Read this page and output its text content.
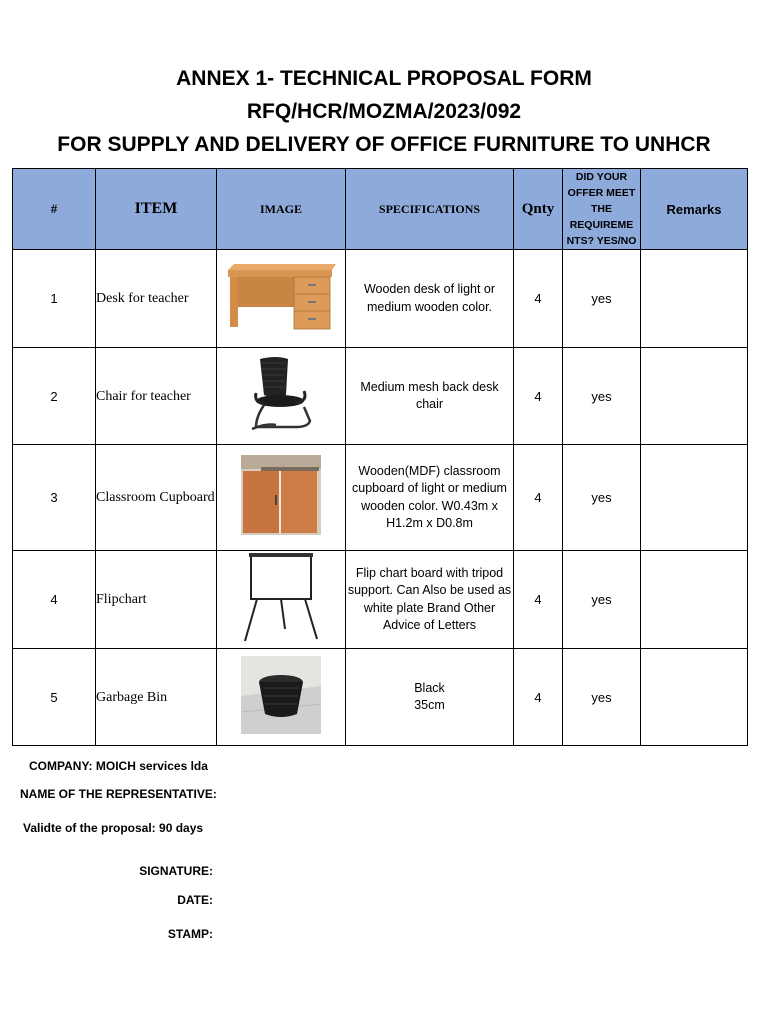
ANNEX 1- TECHNICAL PROPOSAL FORM
RFQ/HCR/MOZMA/2023/092
FOR SUPPLY AND DELIVERY OF OFFICE FURNITURE TO UNHCR
#	ITEM	IMAGE	SPECIFICATIONS	Qnty	DID YOUR OFFER MEET THE REQUIREME NTS? YES/NO	Remarks
1	Desk for teacher		Wooden desk of light or medium wooden color.	4	yes	
2	Chair for teacher		Medium mesh back desk chair	4	yes	
3	Classroom Cupboard		Wooden(MDF) classroom cupboard of light or medium wooden color. W0.43m x H1.2m x D0.8m	4	yes	
4	Flipchart		Flip chart board with tripod support. Can Also be used as white plate Brand Other Advice of Letters	4	yes	
5	Garbage Bin		Black
35cm	4	yes	
COMPANY: MOICH services lda
NAME OF THE REPRESENTATIVE:
Validte of the proposal: 90 days
SIGNATURE:
DATE:
STAMP:
